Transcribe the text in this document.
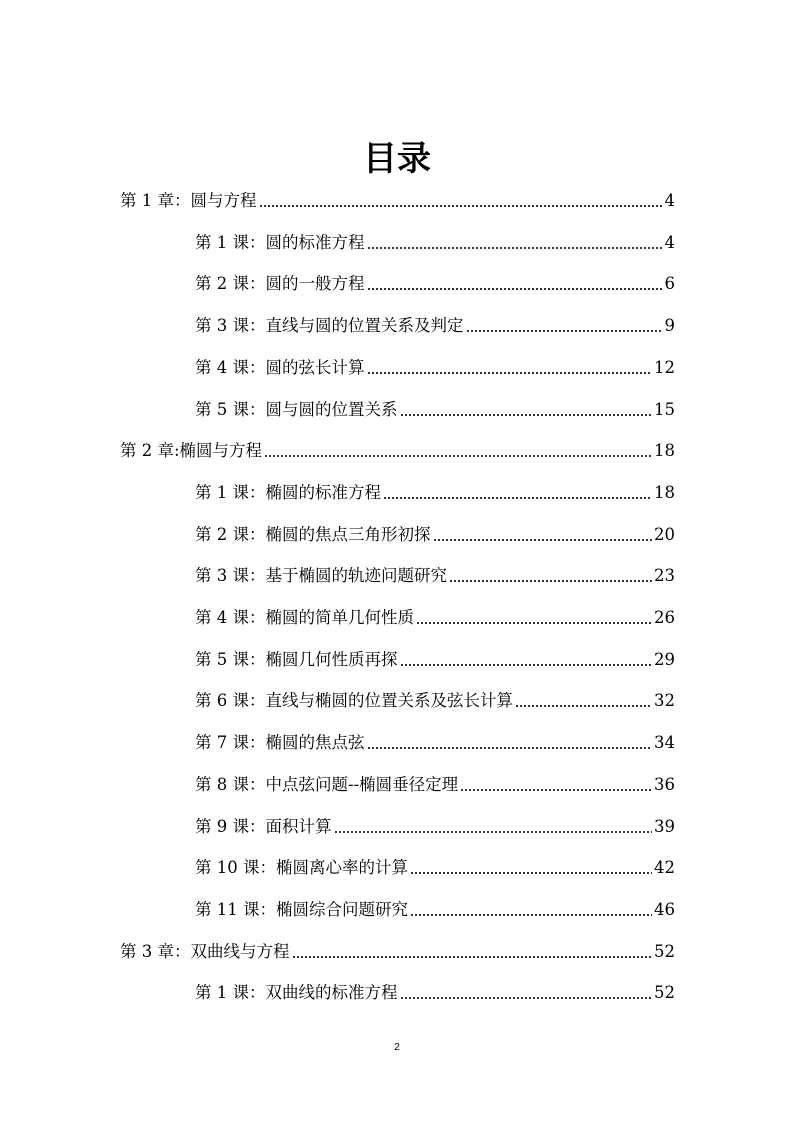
目录
第 1 章：圆与方程	4
第 1 课：圆的标准方程	4
第 2 课：圆的一般方程	6
第 3 课：直线与圆的位置关系及判定	9
第 4 课：圆的弦长计算	12
第 5 课：圆与圆的位置关系	15
第 2 章:椭圆与方程	18
第 1 课：椭圆的标准方程	18
第 2 课：椭圆的焦点三角形初探	20
第 3 课：基于椭圆的轨迹问题研究	23
第 4 课：椭圆的简单几何性质	26
第 5 课：椭圆几何性质再探	29
第 6 课：直线与椭圆的位置关系及弦长计算	32
第 7 课：椭圆的焦点弦	34
第 8 课：中点弦问题--椭圆垂径定理	36
第 9 课：面积计算	39
第 10 课：椭圆离心率的计算	42
第 11 课：椭圆综合问题研究	46
第 3 章：双曲线与方程	52
第 1 课：双曲线的标准方程	52
2
